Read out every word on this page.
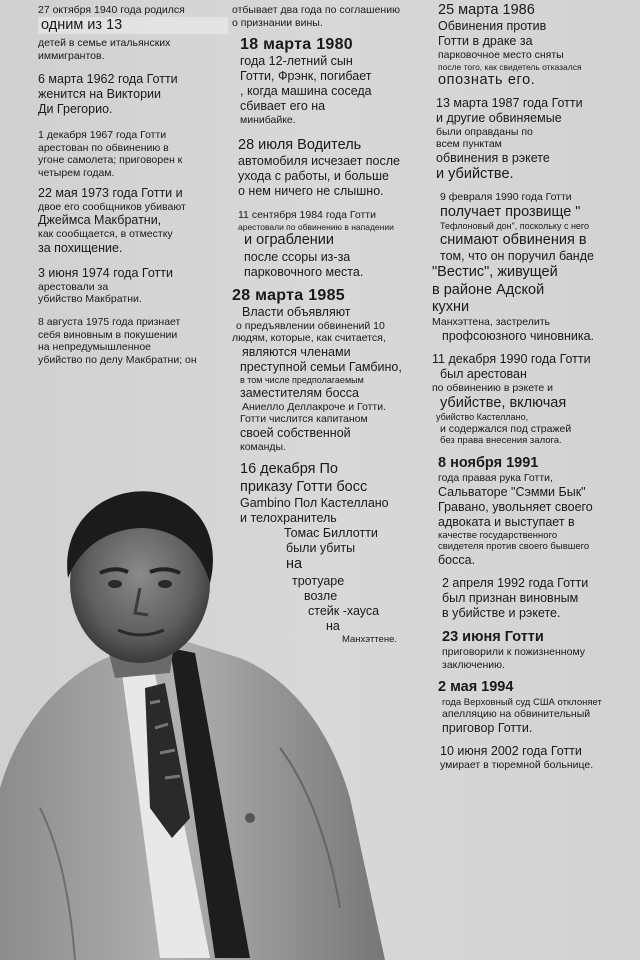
27 октября 1940 года родился
одним из 13
детей в семье итальянских
иммигрантов.
6 марта 1962 года Готти
женится на Виктории
Ди Грегорио.
1 декабря 1967 года Готти
арестован по обвинению в
угоне самолета; приговорен к
четырем годам.
22 мая 1973 года Готти и
двое его сообщников убивают
Джеймса Макбратни,
как сообщается, в отместку
за похищение.
3 июня 1974 года Готти
арестовали за
убийство Макбратни.
8 августа 1975 года признает
себя виновным в покушении
на непредумышленное
убийство по делу Макбратни; он
отбывает два года по соглашению
о признании вины.
18 марта 1980
года 12-летний сын
Готти, Фрэнк, погибает
, когда машина соседа
сбивает его на
минибайке.
28 июля Водитель
автомобиля исчезает после
ухода с работы, и больше
о нем ничего не слышно.
11 сентября 1984 года Готти
арестовали по обвинению в нападении
и ограблении
после ссоры из-за
парковочного места.
28 марта 1985
Власти объявляют
о предъявлении обвинений 10
людям, которые, как считается,
являются членами
преступной семьи Гамбино,
в том числе предполагаемым
заместителям босса
Аниелло Деллакроче и Готти.
Готти числится капитаном
своей собственной
команды.
16 декабря По
приказу Готти босс
Gambino Пол Кастеллано
и телохранитель
Томас Биллотти
были убиты
на
тротуаре
возле
стейк -хауса
на
Манхэттене.
25 марта 1986
Обвинения против
Готти в драке за
парковочное место сняты
после того, как свидетель отказался
опознать его.
13 марта 1987 года Готти
и другие обвиняемые
были оправданы по
всем пунктам
обвинения в рэкете
и убийстве.
9 февраля 1990 года Готти
получает прозвище "
Тефлоновый дон", поскольку с него
снимают обвинения в
том, что он поручил банде
"Вестис", живущей
в районе Адской
кухни
Манхэттена, застрелить
профсоюзного чиновника.
11 декабря 1990 года Готти
был арестован
по обвинению в рэкете и
убийстве, включая
убийство Кастеллано,
и содержался под стражей
без права внесения залога.
8 ноября 1991
года правая рука Готти,
Сальваторе "Сэмми Бык"
Гравано, увольняет своего
адвоката и выступает в
качестве государственного
свидетеля против своего бывшего
босса.
2 апреля 1992 года Готти
был признан виновным
в убийстве и рэкете.
23 июня Готти
приговорили к пожизненному
заключению.
2 мая 1994
года Верховный суд США отклоняет
апелляцию на обвинительный
приговор Готти.
10 июня 2002 года Готти
умирает в тюремной больнице.
